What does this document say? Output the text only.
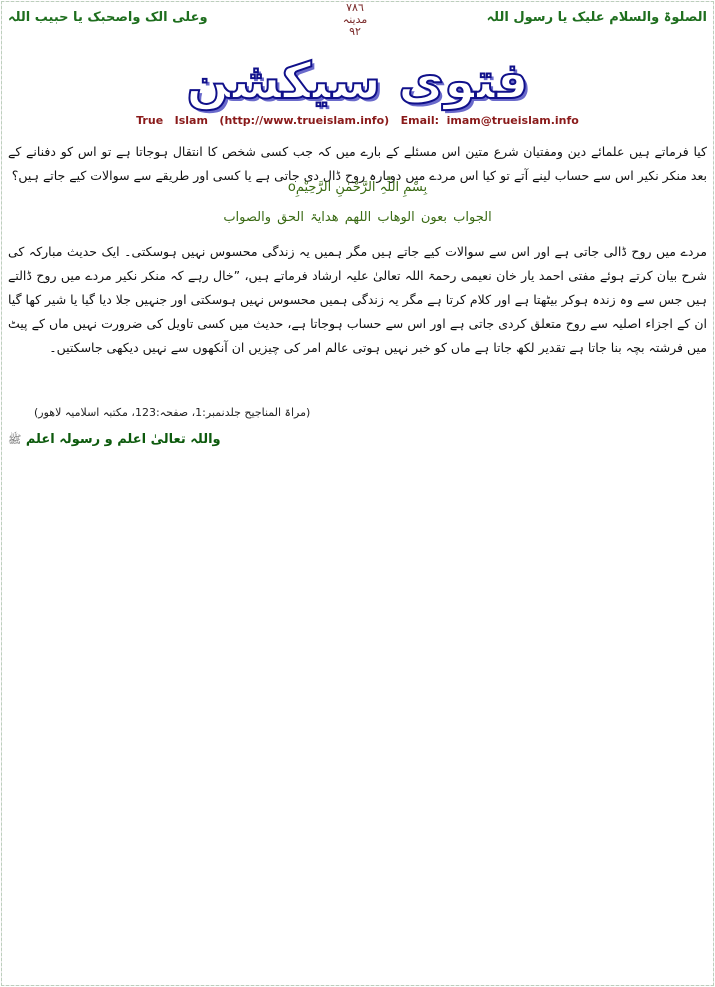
وعلی الک واصحبک یا حبیب اللہ
٧٨٦
مدینہ
٩٢
الصلوۃ والسلام علیک یا رسول اللہ
فتوی سیکشن
True   Islam   (http://www.trueislam.info)   Email:  imam@trueislam.info
کیا فرماتے ہیں علمائے دین ومفتیان شرع متین اس مسئلے کے بارے میں کہ جب کسی شخص کا انتقال ہوجاتا ہے تو اس کو دفنانے کے بعد منکر نکیر اس سے حساب لینے آتے تو کیا اس مردے میں دوبارہ روح ڈال دی جاتی ہے یا کسی اور طریقے سے سوالات کیے جاتے ہیں؟
بِسْمِ اللّٰہِ الرَّحْمٰنِ الرَّحِیْمِo
الجواب بعون الوھاب اللھم ھدایۃ الحق والصواب
مردے میں روح ڈالی جاتی ہے اور اس سے سوالات کیے جاتے ہیں مگر ہمیں یہ زندگی محسوس نہیں ہوسکتی۔ ایک حدیث مبارکہ کی شرح بیان کرتے ہوئے مفتی احمد یار خان نعیمی رحمۃ اللہ تعالیٰ علیہ ارشاد فرماتے ہیں، ”خال رہے کہ منکر نکیر مردے میں روح ڈالتے ہیں جس سے وہ زندہ ہوکر بیٹھتا ہے اور کلام کرتا ہے مگر یہ زندگی ہمیں محسوس نہیں ہوسکتی اور جنہیں جلا دیا گیا یا شیر کھا گیا ان کے اجزاء اصلیہ سے روح متعلق کردی جاتی ہے اور اس سے حساب ہوجاتا ہے، حدیث میں کسی تاویل کی ضرورت نہیں ماں کے پیٹ میں فرشتہ بچہ بنا جاتا ہے تقدیر لکھ جاتا ہے ماں کو خبر نہیں ہوتی عالم امر کی چیزیں ان آنکھوں سے نہیں دیکھی جاسکتیں۔
(مراۃ المناجیح جلدنمبر:1، صفحہ:123، مکتبہ اسلامیہ لاھور)
واللہ تعالیٰ اعلم و رسولہ اعلم ﷺ
